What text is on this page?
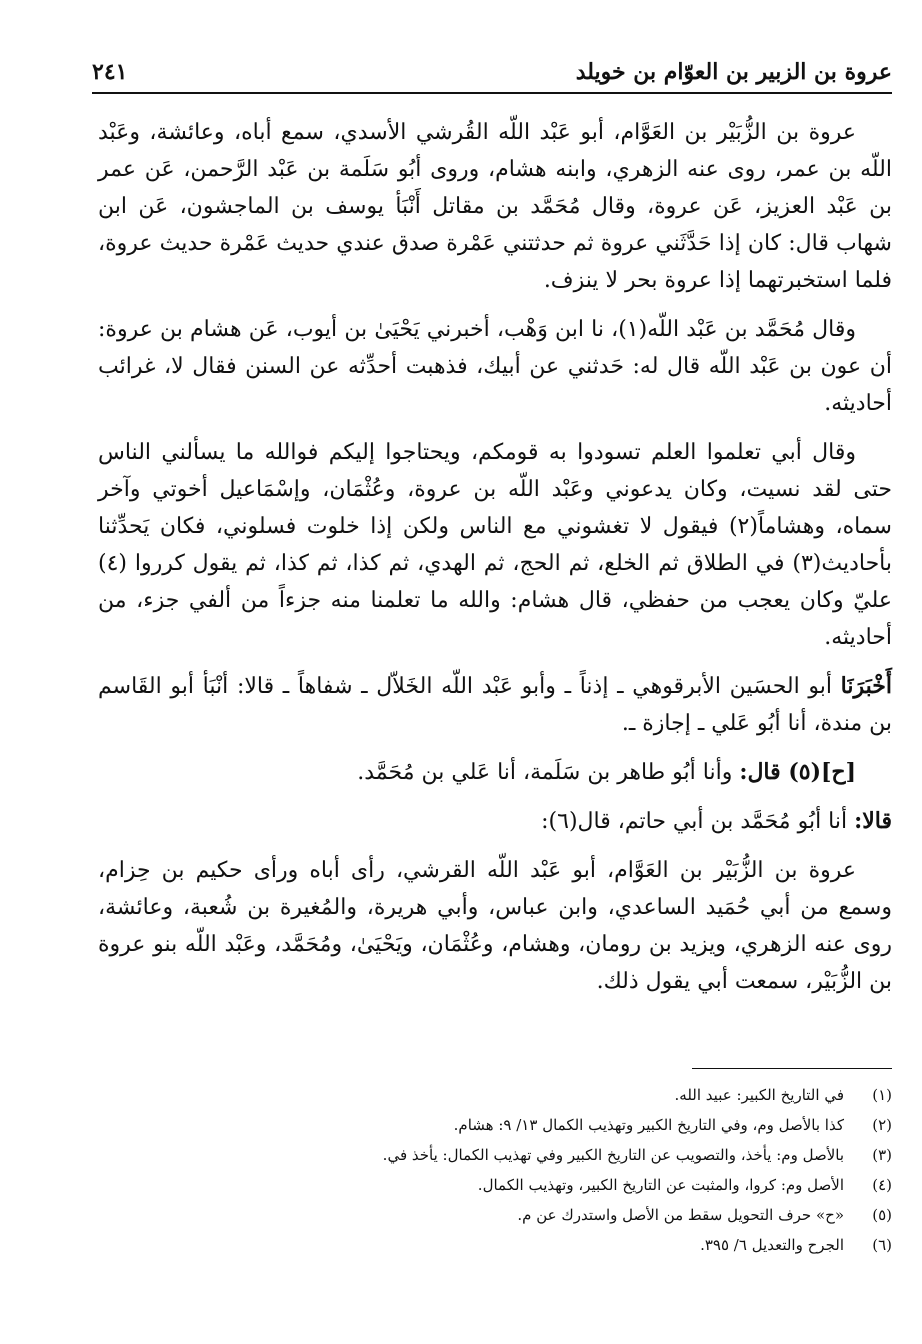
عروة بن الزبير بن العوّام بن خويلد
٢٤١

عروة بن الزُّبَيْر بن العَوَّام، أبو عَبْد اللّه القُرشي الأسدي، سمع أباه، وعائشة، وعَبْد اللّه بن عمر، روى عنه الزهري، وابنه هشام، وروى أبُو سَلَمة بن عَبْد الرَّحمن، عَن عمر بن عَبْد العزيز، عَن عروة، وقال مُحَمَّد بن مقاتل أَنْبَأ يوسف بن الماجشون، عَن ابن شهاب قال: كان إذا حَدَّثَني عروة ثم حدثتني عَمْرة صدق عندي حديث عَمْرة حديث عروة، فلما استخبرتهما إذا عروة بحر لا ينزف.

وقال مُحَمَّد بن عَبْد اللّه(١)، نا ابن وَهْب، أخبرني يَحْيَىٰ بن أيوب، عَن هشام بن عروة: أن عون بن عَبْد اللّه قال له: حَدثني عن أبيك، فذهبت أحدِّثه عن السنن فقال لا، غرائب أحاديثه.

وقال أبي تعلموا العلم تسودوا به قومكم، ويحتاجوا إليكم فوالله ما يسألني الناس حتى لقد نسيت، وكان يدعوني وعَبْد اللّه بن عروة، وعُثْمَان، وإسْمَاعيل أخوتي وآخر سماه، وهشاماً(٢) فيقول لا تغشوني مع الناس ولكن إذا خلوت فسلوني، فكان يَحدِّثنا بأحاديث(٣) في الطلاق ثم الخلع، ثم الحج، ثم الهدي، ثم كذا، ثم كذا، ثم يقول كرروا (٤) عليّ وكان يعجب من حفظي، قال هشام: والله ما تعلمنا منه جزءاً من ألفي جزء، من أحاديثه.

أَخْبَرَنَا أبو الحسَين الأبرقوهي ـ إذناً ـ وأبو عَبْد اللّه الخَلاّل ـ شفاهاً ـ قالا: أنْبَأ أبو القَاسم بن مندة، أنا أبُو عَلي ـ إجازة ـ.

[ح](٥) قال: وأنا أبُو طاهر بن سَلَمة، أنا عَلي بن مُحَمَّد.

قالا: أنا أبُو مُحَمَّد بن أبي حاتم، قال(٦):

عروة بن الزُّبَيْر بن العَوَّام، أبو عَبْد اللّه القرشي، رأى أباه ورأى حكيم بن حِزام، وسمع من أبي حُمَيد الساعدي، وابن عباس، وأبي هريرة، والمُغيرة بن شُعبة، وعائشة، روى عنه الزهري، ويزيد بن رومان، وهشام، وعُثْمَان، ويَحْيَىٰ، ومُحَمَّد، وعَبْد اللّه بنو عروة بن الزُّبَيْر، سمعت أبي يقول ذلك.

(١)
في التاريخ الكبير: عبيد الله.
(٢)
كذا بالأصل وم، وفي التاريخ الكبير وتهذيب الكمال ١٣/ ٩: هشام.
(٣)
بالأصل وم: يأخذ، والتصويب عن التاريخ الكبير وفي تهذيب الكمال: يأخذ في.
(٤)
الأصل وم: كروا، والمثبت عن التاريخ الكبير، وتهذيب الكمال.
(٥)
«ح» حرف التحويل سقط من الأصل واستدرك عن م.
(٦)
الجرح والتعديل ٦/ ٣٩٥.
